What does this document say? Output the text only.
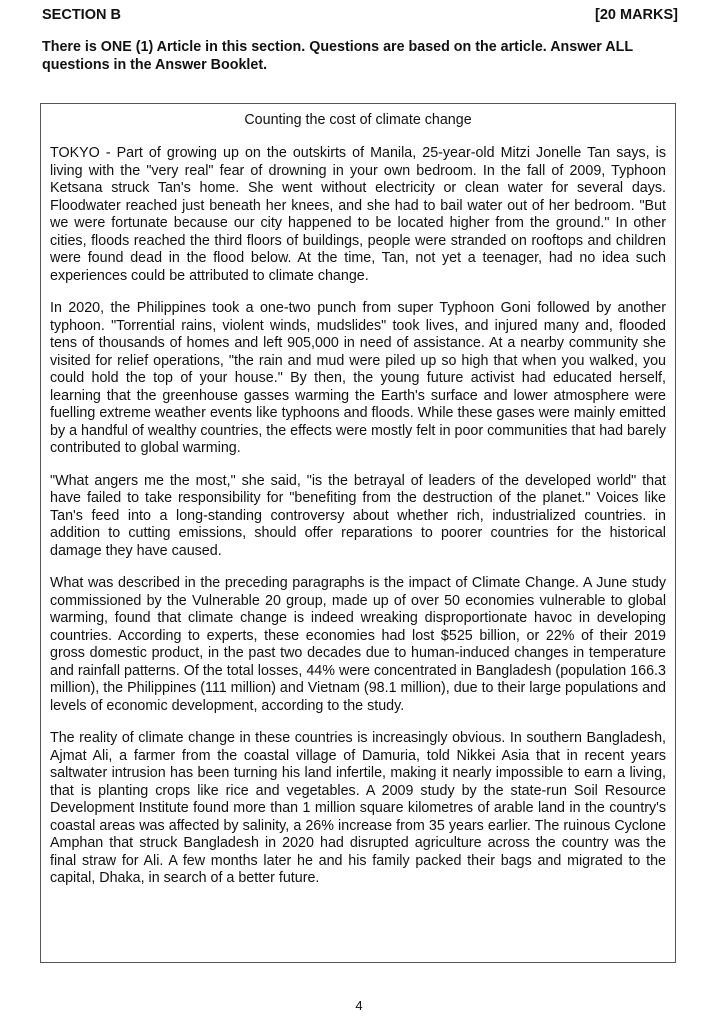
SECTION B	[20 MARKS]
There is ONE (1) Article in this section. Questions are based on the article. Answer ALL questions in the Answer Booklet.
Counting the cost of climate change

TOKYO - Part of growing up on the outskirts of Manila, 25-year-old Mitzi Jonelle Tan says, is living with the "very real" fear of drowning in your own bedroom. In the fall of 2009, Typhoon Ketsana struck Tan's home. She went without electricity or clean water for several days. Floodwater reached just beneath her knees, and she had to bail water out of her bedroom. "But we were fortunate because our city happened to be located higher from the ground." In other cities, floods reached the third floors of buildings, people were stranded on rooftops and children were found dead in the flood below. At the time, Tan, not yet a teenager, had no idea such experiences could be attributed to climate change.

In 2020, the Philippines took a one-two punch from super Typhoon Goni followed by another typhoon. "Torrential rains, violent winds, mudslides" took lives, and injured many and, flooded tens of thousands of homes and left 905,000 in need of assistance. At a nearby community she visited for relief operations, "the rain and mud were piled up so high that when you walked, you could hold the top of your house." By then, the young future activist had educated herself, learning that the greenhouse gasses warming the Earth's surface and lower atmosphere were fuelling extreme weather events like typhoons and floods. While these gases were mainly emitted by a handful of wealthy countries, the effects were mostly felt in poor communities that had barely contributed to global warming.

"What angers me the most," she said, "is the betrayal of leaders of the developed world" that have failed to take responsibility for "benefiting from the destruction of the planet." Voices like Tan's feed into a long-standing controversy about whether rich, industrialized countries. in addition to cutting emissions, should offer reparations to poorer countries for the historical damage they have caused.

What was described in the preceding paragraphs is the impact of Climate Change. A June study commissioned by the Vulnerable 20 group, made up of over 50 economies vulnerable to global warming, found that climate change is indeed wreaking disproportionate havoc in developing countries. According to experts, these economies had lost $525 billion, or 22% of their 2019 gross domestic product, in the past two decades due to human-induced changes in temperature and rainfall patterns. Of the total losses, 44% were concentrated in Bangladesh (population 166.3 million), the Philippines (111 million) and Vietnam (98.1 million), due to their large populations and levels of economic development, according to the study.

The reality of climate change in these countries is increasingly obvious. In southern Bangladesh, Ajmat Ali, a farmer from the coastal village of Damuria, told Nikkei Asia that in recent years saltwater intrusion has been turning his land infertile, making it nearly impossible to earn a living, that is planting crops like rice and vegetables. A 2009 study by the state-run Soil Resource Development Institute found more than 1 million square kilometres of arable land in the country's coastal areas was affected by salinity, a 26% increase from 35 years earlier. The ruinous Cyclone Amphan that struck Bangladesh in 2020 had disrupted agriculture across the country was the final straw for Ali. A few months later he and his family packed their bags and migrated to the capital, Dhaka, in search of a better future.

4
